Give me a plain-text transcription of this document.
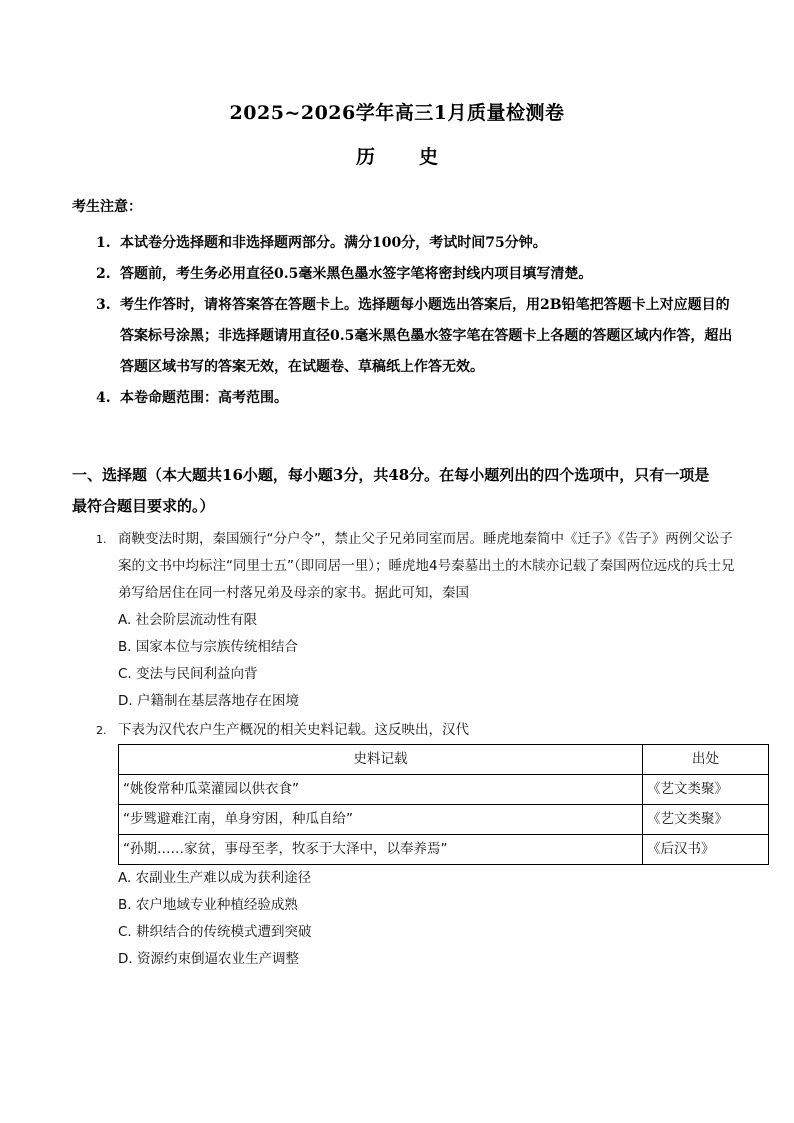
2025~2026学年高三1月质量检测卷
历 史
考生注意：
1. 本试卷分选择题和非选择题两部分。满分100分，考试时间75分钟。
2. 答题前，考生务必用直径0.5毫米黑色墨水签字笔将密封线内项目填写清楚。
3. 考生作答时，请将答案答在答题卡上。选择题每小题选出答案后，用2B铅笔把答题卡上对应题目的答案标号涂黑；非选择题请用直径0.5毫米黑色墨水签字笔在答题卡上各题的答题区域内作答，超出答题区域书写的答案无效，在试题卷、草稿纸上作答无效。
4. 本卷命题范围：高考范围。
一、选择题（本大题共16小题，每小题3分，共48分。在每小题列出的四个选项中，只有一项是最符合题目要求的。）
1. 商鞅变法时期，秦国颁行“分户令”，禁止父子兄弟同室而居。睡虎地秦简中《迁子》《告子》两例父讼子案的文书中均标注“同里士五”（即同居一里）；睡虎地4号秦墓出土的木牍亦记载了秦国两位远戍的兵士兄弟写给居住在同一村落兄弟及母亲的家书。据此可知，秦国
A. 社会阶层流动性有限
B. 国家本位与宗族传统相结合
C. 变法与民间利益向背
D. 户籍制在基层落地存在困境
2. 下表为汉代农户生产概况的相关史料记载。这反映出，汉代
史料记载	出处
“姚俊常种瓜菜灌园以供衣食”	《艺文类聚》
“步骘避难江南，单身穷困，种瓜自给”	《艺文类聚》
“孙期……家贫，事母至孝，牧豕于大泽中，以奉养焉”	《后汉书》
A. 农副业生产难以成为获利途径
B. 农户地域专业种植经验成熟
C. 耕织结合的传统模式遭到突破
D. 资源约束倒逼农业生产调整
